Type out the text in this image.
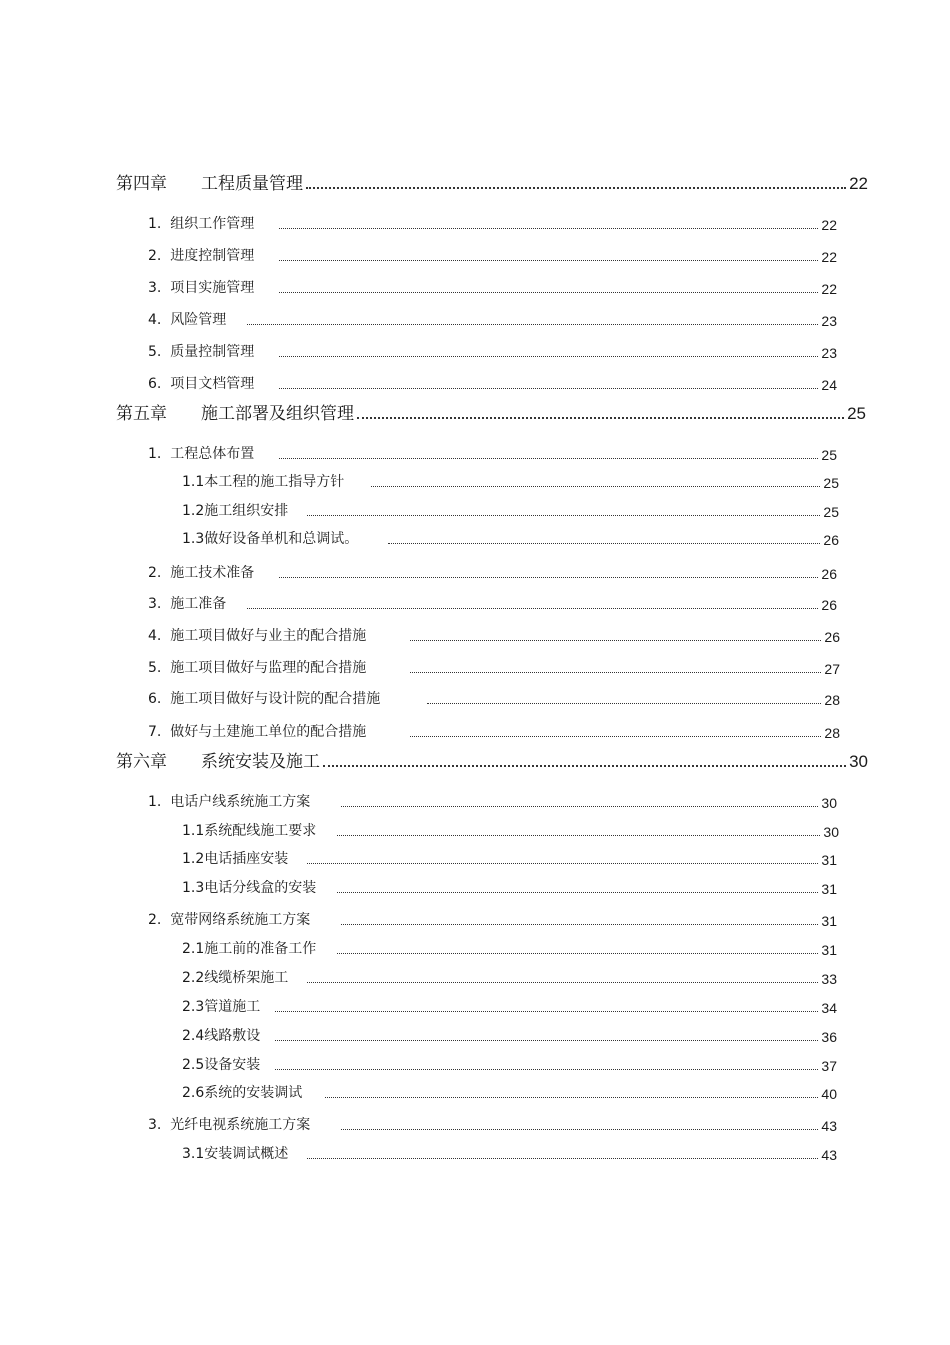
第四章　　工程质量管理	22
1.  组织工作管理	22
2.  进度控制管理	22
3.  项目实施管理	22
4.  风险管理	23
5.  质量控制管理	23
6.  项目文档管理	24
第五章　　施工部署及组织管理	25
1.  工程总体布置	25
1.1本工程的施工指导方针	25
1.2施工组织安排	25
1.3做好设备单机和总调试。	26
2.  施工技术准备	26
3.  施工准备	26
4.  施工项目做好与业主的配合措施	26
5.  施工项目做好与监理的配合措施	27
6.  施工项目做好与设计院的配合措施	28
7.  做好与土建施工单位的配合措施	28
第六章　　系统安装及施工	30
1.  电话户线系统施工方案	30
1.1系统配线施工要求	30
1.2电话插座安装	31
1.3电话分线盒的安装	31
2.  宽带网络系统施工方案	31
2.1施工前的准备工作	31
2.2线缆桥架施工	33
2.3管道施工	34
2.4线路敷设	36
2.5设备安装	37
2.6系统的安装调试	40
3.  光纤电视系统施工方案	43
3.1安装调试概述	43
